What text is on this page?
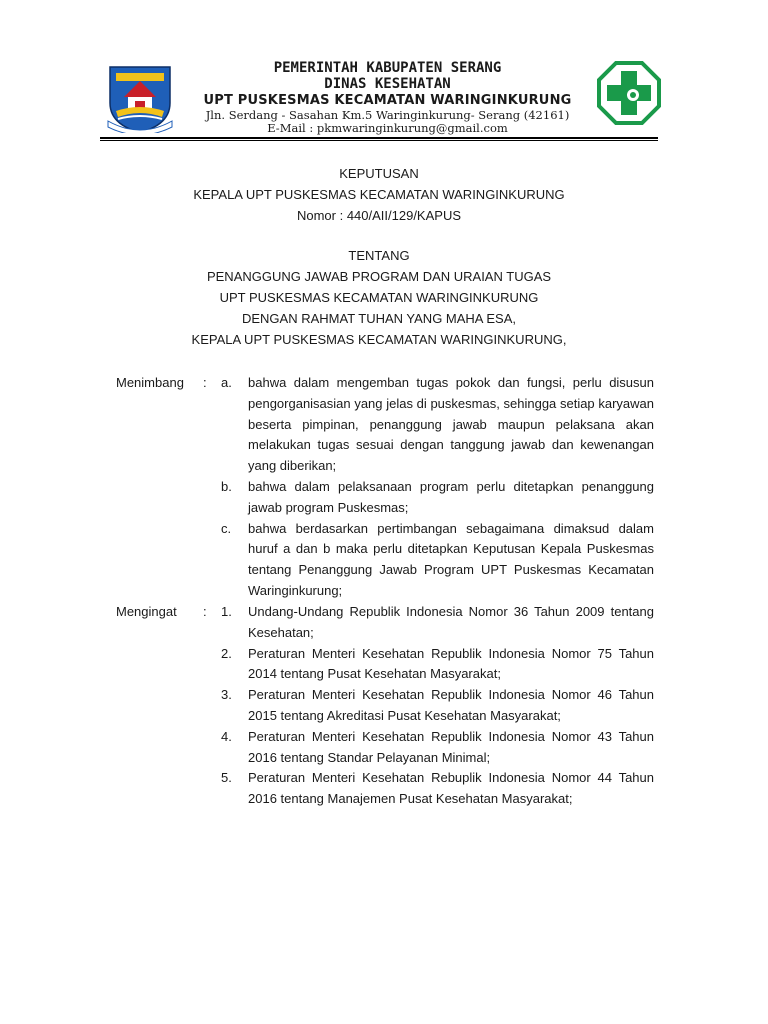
PEMERINTAH KABUPATEN SERANG
DINAS KESEHATAN
UPT PUSKESMAS KECAMATAN WARINGINKURUNG
Jln. Serdang - Sasahan Km.5 Waringinkurung- Serang (42161)
E-Mail : pkmwaringinkurung@gmail.com
KEPUTUSAN
KEPALA UPT PUSKESMAS KECAMATAN WARINGINKURUNG
Nomor : 440/AII/129/KAPUS
TENTANG
PENANGGUNG JAWAB PROGRAM DAN URAIAN TUGAS
UPT PUSKESMAS KECAMATAN WARINGINKURUNG
DENGAN RAHMAT TUHAN YANG MAHA ESA,
KEPALA UPT PUSKESMAS KECAMATAN WARINGINKURUNG,
Menimbang : a. bahwa dalam mengemban tugas pokok dan fungsi, perlu disusun pengorganisasian yang jelas di puskesmas, sehingga setiap karyawan beserta pimpinan, penanggung jawab maupun pelaksana akan melakukan tugas sesuai dengan tanggung jawab dan kewenangan yang diberikan;
b. bahwa dalam pelaksanaan program perlu ditetapkan penanggung jawab program Puskesmas;
c. bahwa berdasarkan pertimbangan sebagaimana dimaksud dalam huruf a dan b maka perlu ditetapkan Keputusan Kepala Puskesmas tentang Penanggung Jawab Program UPT Puskesmas Kecamatan Waringinkurung;
Mengingat : 1. Undang-Undang Republik Indonesia Nomor 36 Tahun 2009 tentang Kesehatan;
2. Peraturan Menteri Kesehatan Republik Indonesia Nomor 75 Tahun 2014 tentang Pusat Kesehatan Masyarakat;
3. Peraturan Menteri Kesehatan Republik Indonesia Nomor 46 Tahun 2015 tentang Akreditasi Pusat Kesehatan Masyarakat;
4. Peraturan Menteri Kesehatan Republik Indonesia Nomor 43 Tahun 2016 tentang Standar Pelayanan Minimal;
5. Peraturan Menteri Kesehatan Rebuplik Indonesia Nomor 44 Tahun 2016 tentang Manajemen Pusat Kesehatan Masyarakat;
